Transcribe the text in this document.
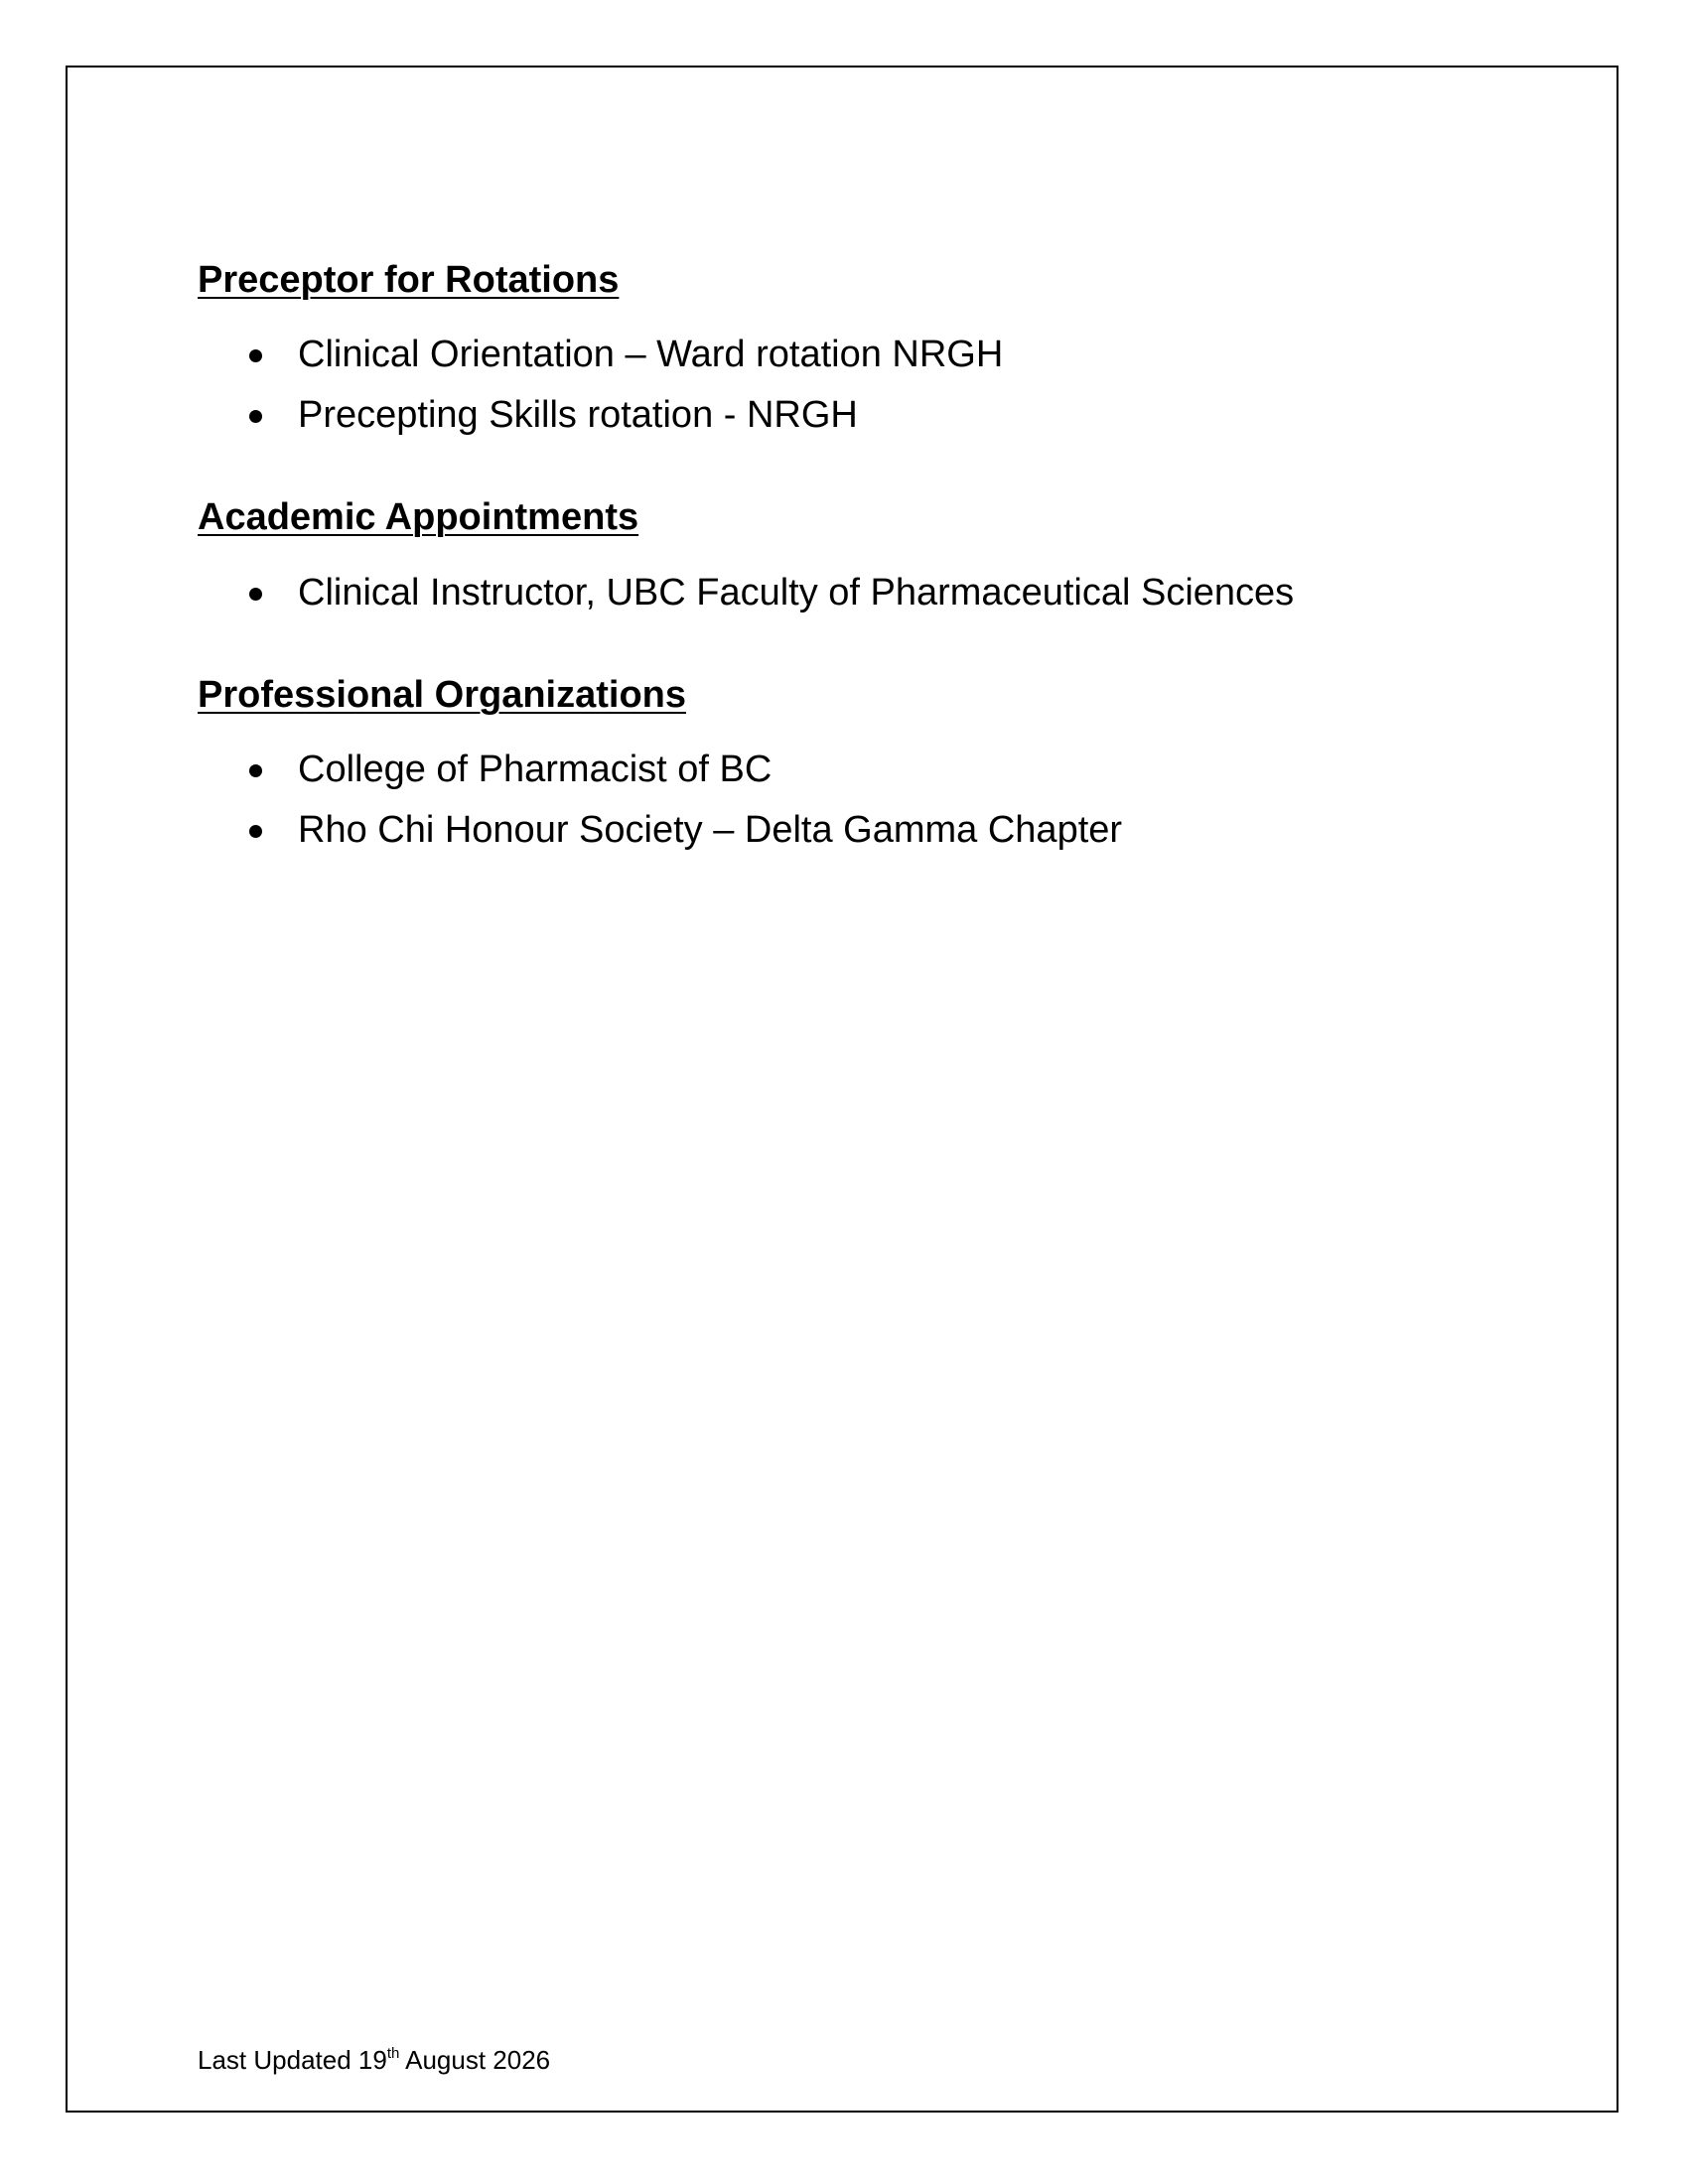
Preceptor for Rotations
Clinical Orientation – Ward rotation NRGH
Precepting Skills rotation - NRGH
Academic Appointments
Clinical Instructor, UBC Faculty of Pharmaceutical Sciences
Professional Organizations
College of Pharmacist of BC
Rho Chi Honour Society – Delta Gamma Chapter
Last Updated 19th August 2026
